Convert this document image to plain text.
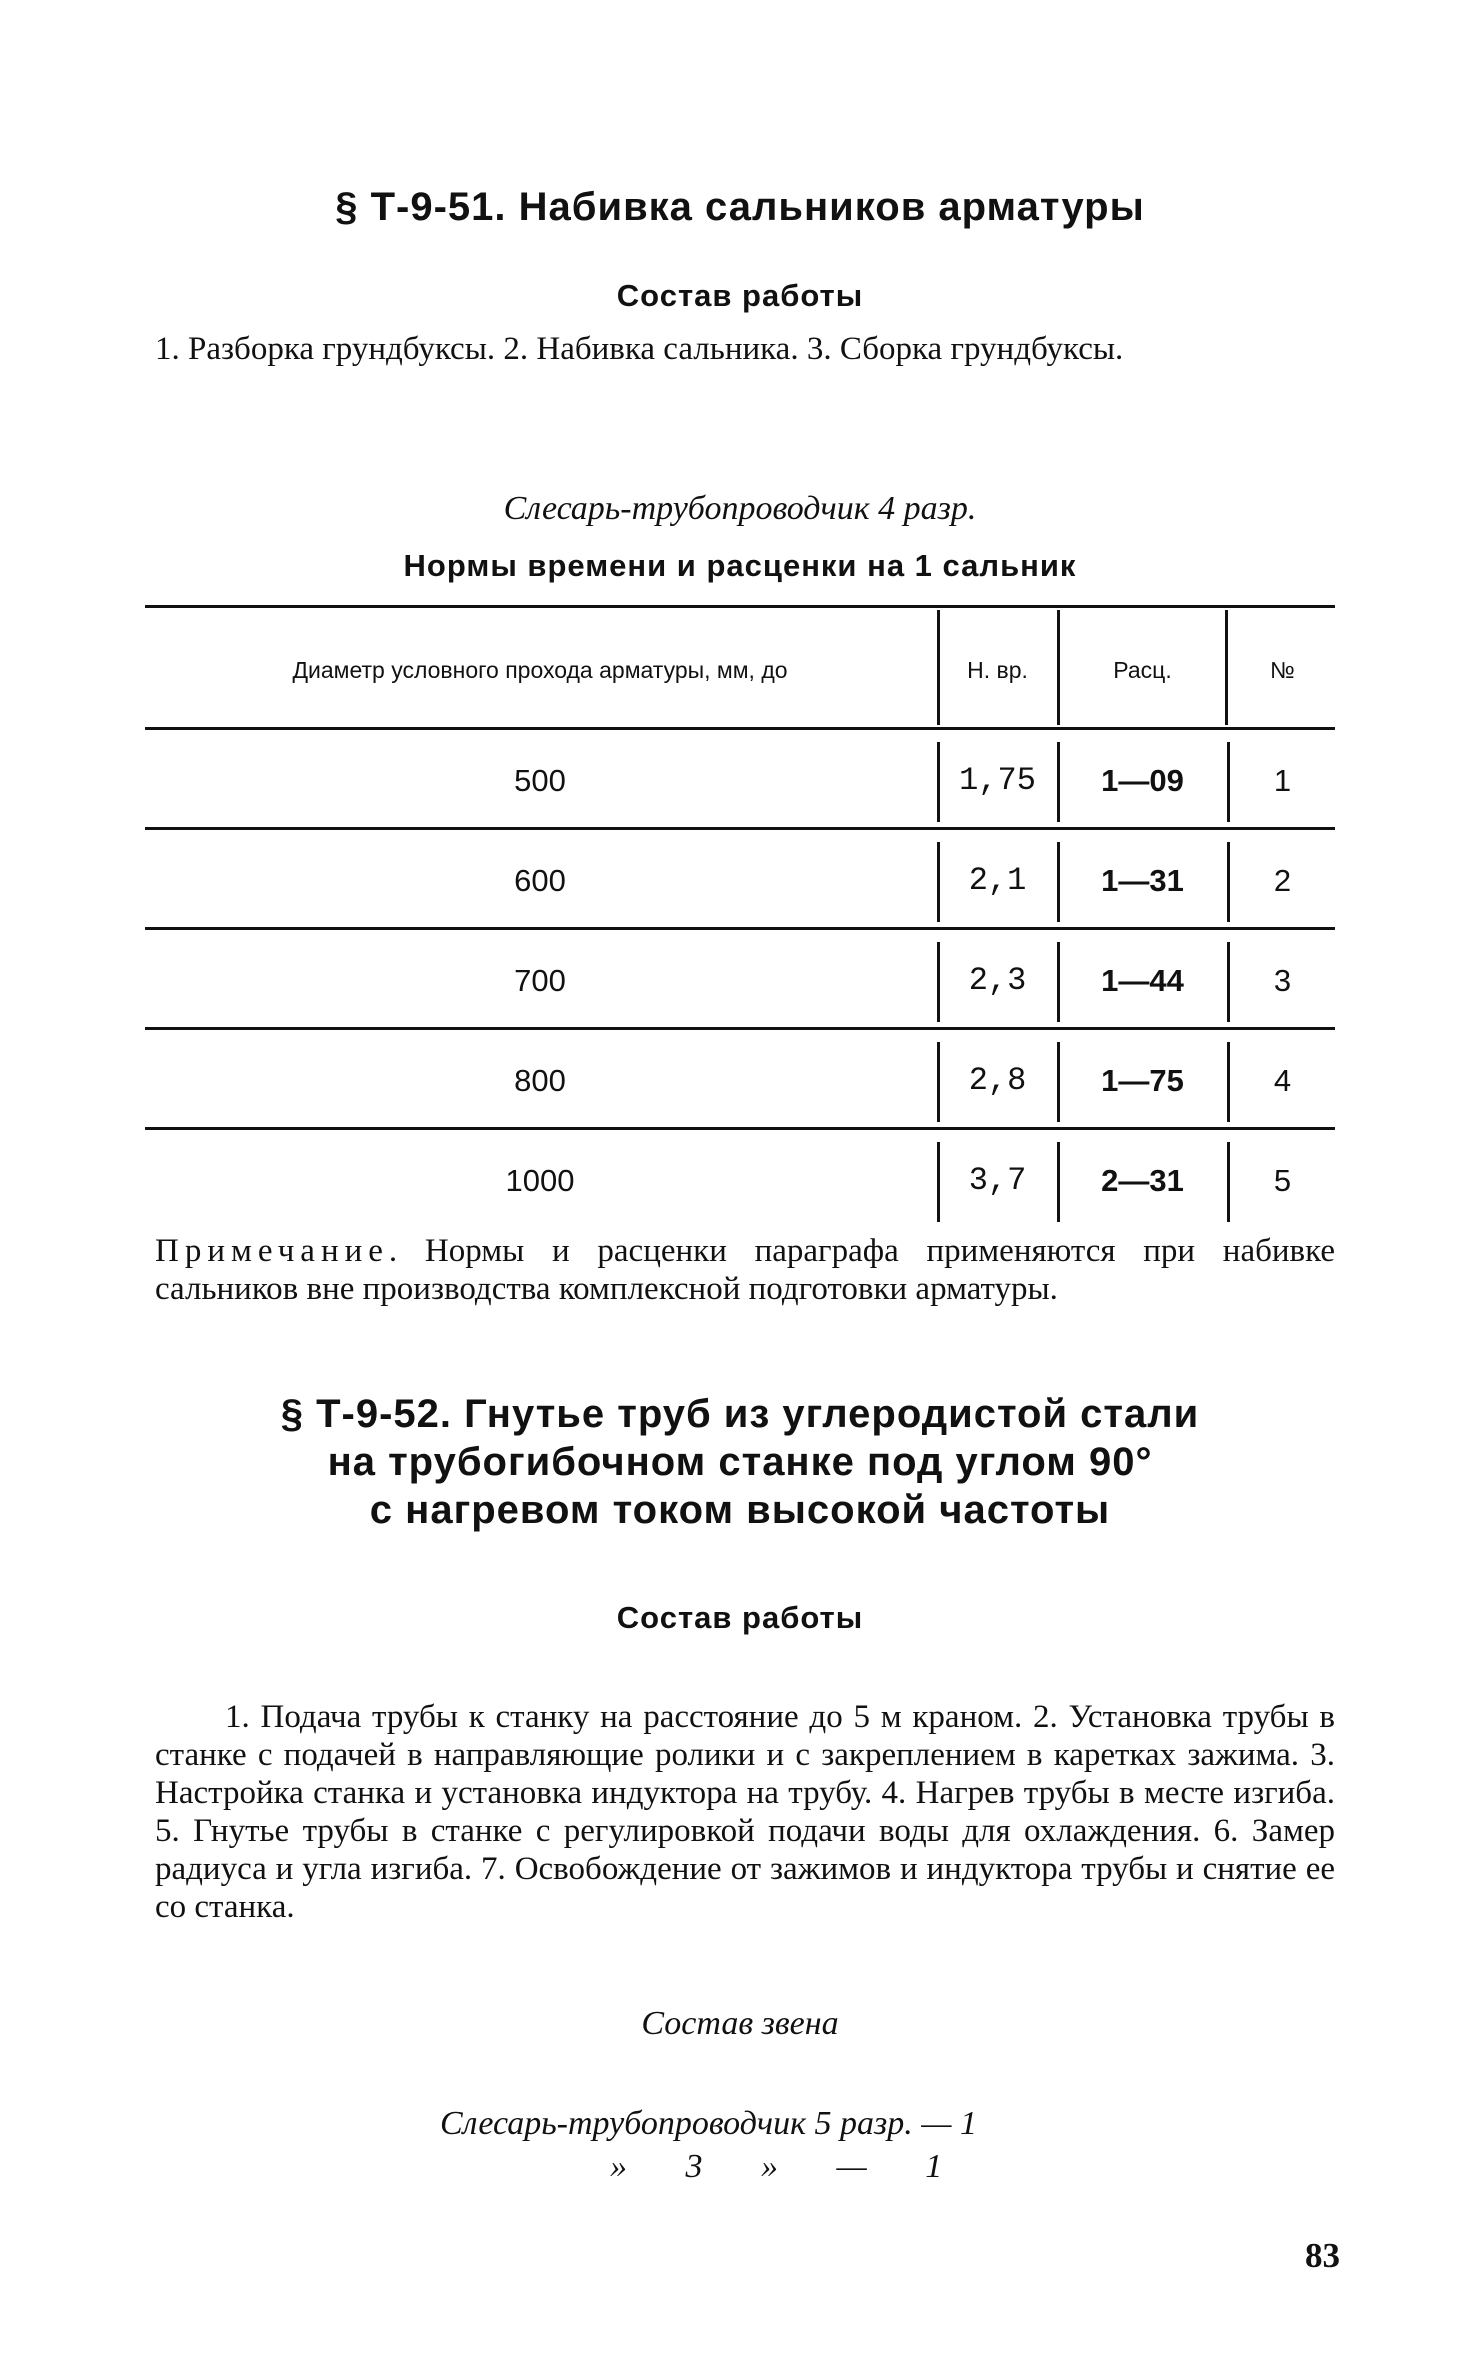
§ Т-9-51. Набивка сальников арматуры
Состав работы
1. Разборка грундбуксы. 2. Набивка сальника. 3. Сборка грундбуксы.
Слесарь-трубопроводчик 4 разр.
Нормы времени и расценки на 1 сальник
Диаметр условного прохода арматуры, мм, до	Н. вр.	Расц.	№
500	1,75	1—09	1
600	2,1	1—31	2
700	2,3	1—44	3
800	2,8	1—75	4
1000	3,7	2—31	5
Примечание. Нормы и расценки параграфа применяются при набивке сальников вне производства комплексной подготовки арматуры.
§ Т-9-52. Гнутье труб из углеродистой стали
на трубогибочном станке под углом 90°
с нагревом током высокой частоты
Состав работы
1. Подача трубы к станку на расстояние до 5 м краном. 2. Установка трубы в станке с подачей в направляющие ролики и с закреплением в каретках зажима. 3. Настройка станка и установка индуктора на трубу. 4. Нагрев трубы в месте изгиба. 5. Гнутье трубы в станке с регулировкой подачи воды для охлаждения. 6. Замер радиуса и угла изгиба. 7. Освобождение от зажимов и индуктора трубы и снятие ее со станка.
Состав звена
Слесарь-трубопроводчик 5 разр. — 1
» 3 » — 1
83
